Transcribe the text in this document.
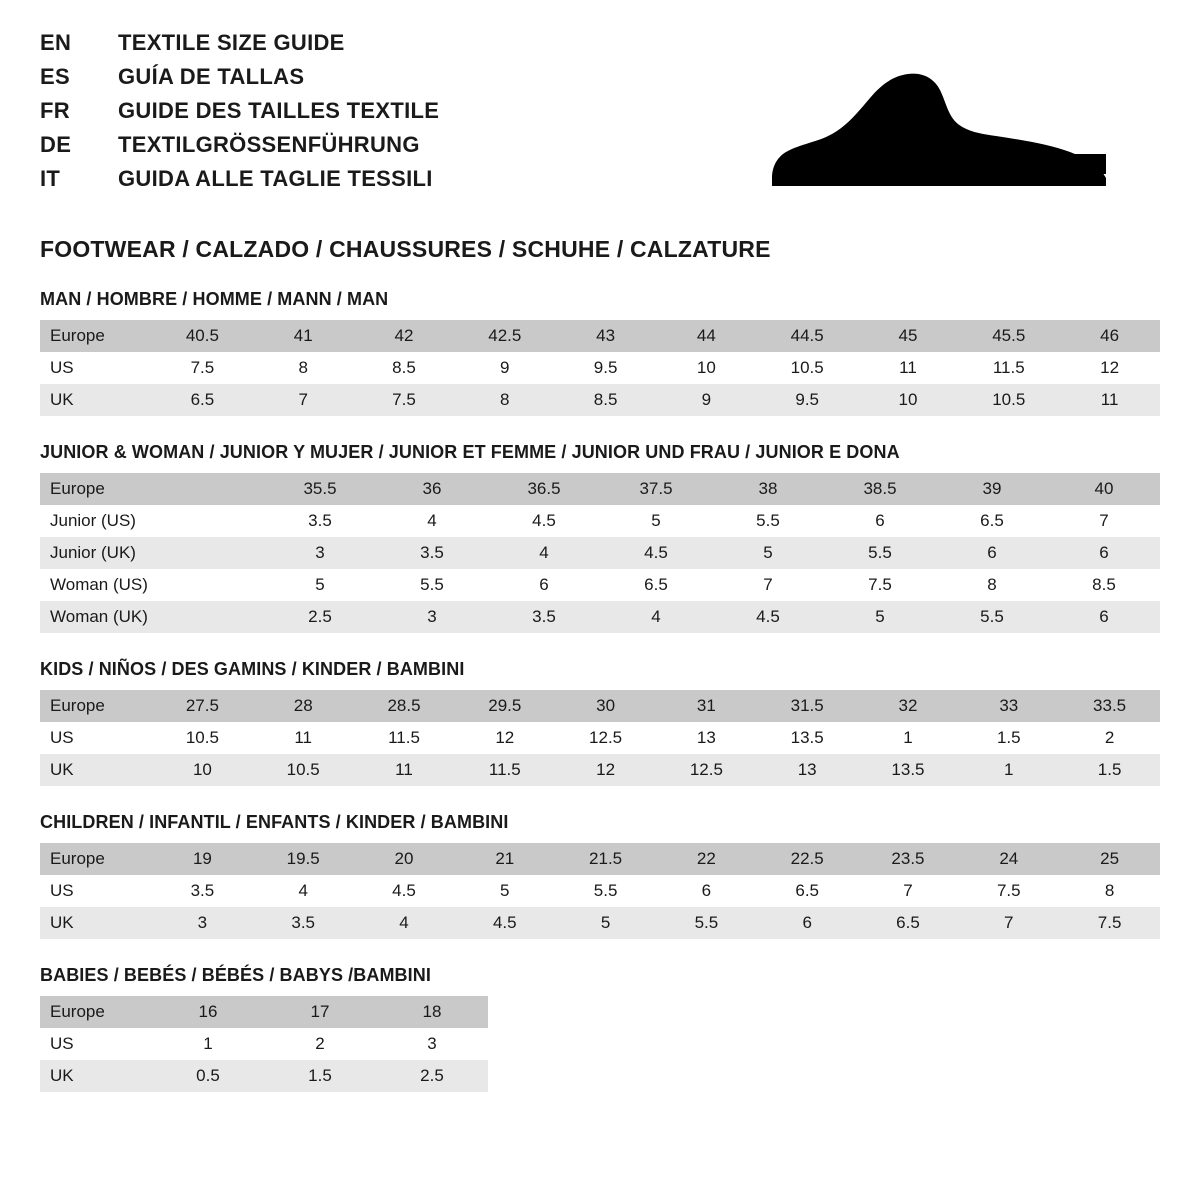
EN	TEXTILE SIZE GUIDE
ES	GUÍA DE TALLAS
FR	GUIDE DES TAILLES TEXTILE
DE	TEXTILGRÖSSENFÜHRUNG
IT	GUIDA ALLE TAGLIE TESSILI
FOOTWEAR / CALZADO / CHAUSSURES / SCHUHE / CALZATURE
MAN / HOMBRE / HOMME / MANN / MAN
Europe	40.5	41	42	42.5	43	44	44.5	45	45.5	46
US	7.5	8	8.5	9	9.5	10	10.5	11	11.5	12
UK	6.5	7	7.5	8	8.5	9	9.5	10	10.5	11
JUNIOR & WOMAN / JUNIOR Y MUJER / JUNIOR ET FEMME / JUNIOR UND FRAU / JUNIOR E DONA
Europe		35.5	36	36.5	37.5	38	38.5	39	40
Junior (US)		3.5	4	4.5	5	5.5	6	6.5	7
Junior (UK)		3	3.5	4	4.5	5	5.5	6	6
Woman (US)		5	5.5	6	6.5	7	7.5	8	8.5
Woman (UK)		2.5	3	3.5	4	4.5	5	5.5	6
KIDS / NIÑOS / DES GAMINS / KINDER / BAMBINI
Europe	27.5	28	28.5	29.5	30	31	31.5	32	33	33.5
US	10.5	11	11.5	12	12.5	13	13.5	1	1.5	2
UK	10	10.5	11	11.5	12	12.5	13	13.5	1	1.5
CHILDREN / INFANTIL / ENFANTS / KINDER / BAMBINI
Europe	19	19.5	20	21	21.5	22	22.5	23.5	24	25
US	3.5	4	4.5	5	5.5	6	6.5	7	7.5	8
UK	3	3.5	4	4.5	5	5.5	6	6.5	7	7.5
BABIES / BEBÉS / BÉBÉS / BABYS /BAMBINI
Europe	16	17	18
US	1	2	3
UK	0.5	1.5	2.5
